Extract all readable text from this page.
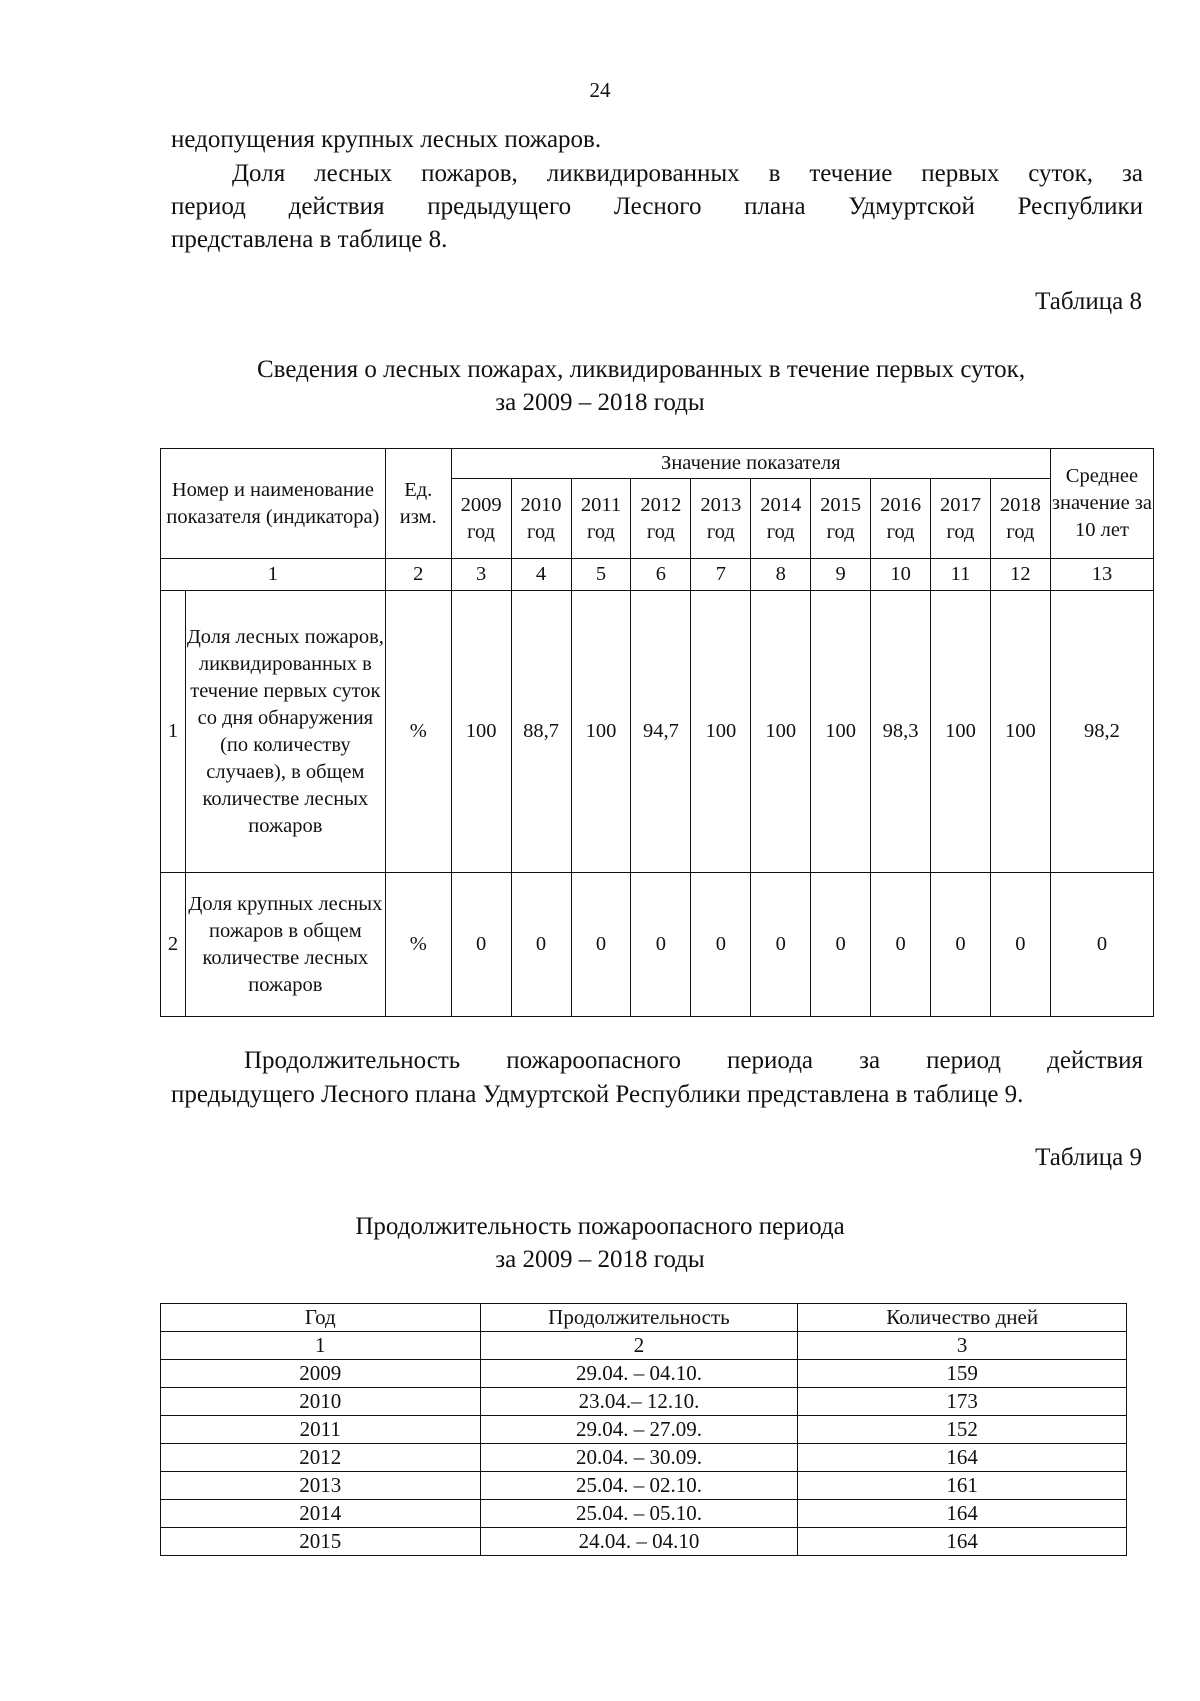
24
недопущения крупных лесных пожаров.
Доля лесных пожаров, ликвидированных в течение первых суток, за
период действия предыдущего Лесного плана Удмуртской Республики
представлена в таблице 8.
Таблица 8
Сведения о лесных пожарах, ликвидированных в течение первых суток,
за 2009 – 2018 годы
Номер и наименование показателя (индикатора)		Ед. изм.	Значение показателя										Среднее значение за 10 лет
			2009 год	2010 год	2011 год	2012 год	2013 год	2014 год	2015 год	2016 год	2017 год	2018 год	
1		2	3	4	5	6	7	8	9	10	11	12	13
1	Доля лесных пожаров, ликвидированных в течение первых суток со дня обнаружения (по количеству случаев), в общем количестве лесных пожаров	%	100	88,7	100	94,7	100	100	100	98,3	100	100	98,2
2	Доля крупных лесных пожаров в общем количестве лесных пожаров	%	0	0	0	0	0	0	0	0	0	0	0
Продолжительность пожароопасного периода за период действия
предыдущего Лесного плана Удмуртской Республики представлена в таблице 9.
Таблица 9
Продолжительность пожароопасного периода
за 2009 – 2018 годы
Год	Продолжительность	Количество дней
1	2	3
2009	29.04. – 04.10.	159
2010	23.04.– 12.10.	173
2011	29.04. – 27.09.	152
2012	20.04. – 30.09.	164
2013	25.04. – 02.10.	161
2014	25.04. – 05.10.	164
2015	24.04. – 04.10	164
